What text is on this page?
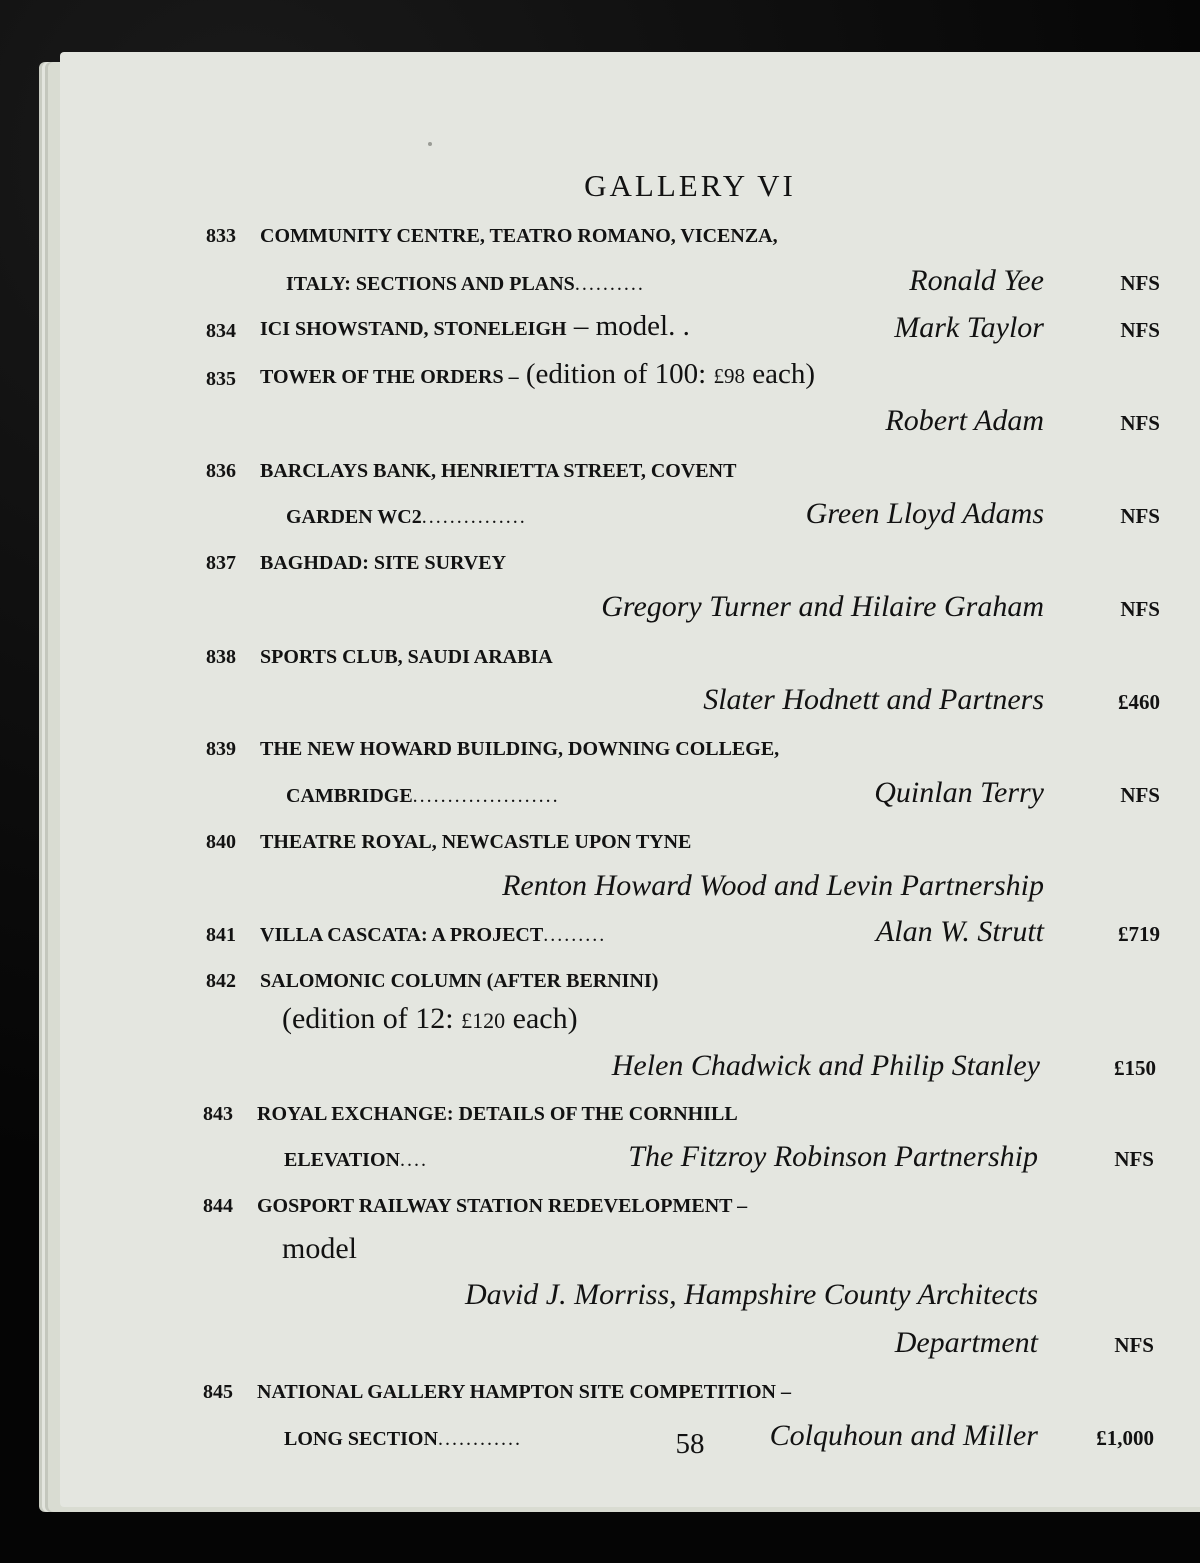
GALLERY VI
833 COMMUNITY CENTRE, TEATRO ROMANO, VICENZA,
ITALY: SECTIONS AND PLANS..........	Ronald Yee	NFS
834 ICI SHOWSTAND, STONELEIGH – model. .	Mark Taylor	NFS
835 TOWER OF THE ORDERS – (edition of 100: £98 each)
Robert Adam	NFS
836 BARCLAYS BANK, HENRIETTA STREET, COVENT
GARDEN WC2...............	Green Lloyd Adams	NFS
837 BAGHDAD: SITE SURVEY
Gregory Turner and Hilaire Graham	NFS
838 SPORTS CLUB, SAUDI ARABIA
Slater Hodnett and Partners	£460
839 THE NEW HOWARD BUILDING, DOWNING COLLEGE,
CAMBRIDGE.....................	Quinlan Terry	NFS
840 THEATRE ROYAL, NEWCASTLE UPON TYNE
Renton Howard Wood and Levin Partnership
841 VILLA CASCATA: A PROJECT.........	Alan W. Strutt	£719
842 SALOMONIC COLUMN (AFTER BERNINI)
(edition of 12: £120 each)
Helen Chadwick and Philip Stanley	£150
843 ROYAL EXCHANGE: DETAILS OF THE CORNHILL
ELEVATION....	The Fitzroy Robinson Partnership	NFS
844 GOSPORT RAILWAY STATION REDEVELOPMENT –
model
David J. Morriss, Hampshire County Architects
Department	NFS
845 NATIONAL GALLERY HAMPTON SITE COMPETITION –
LONG SECTION............	Colquhoun and Miller	£1,000
58
